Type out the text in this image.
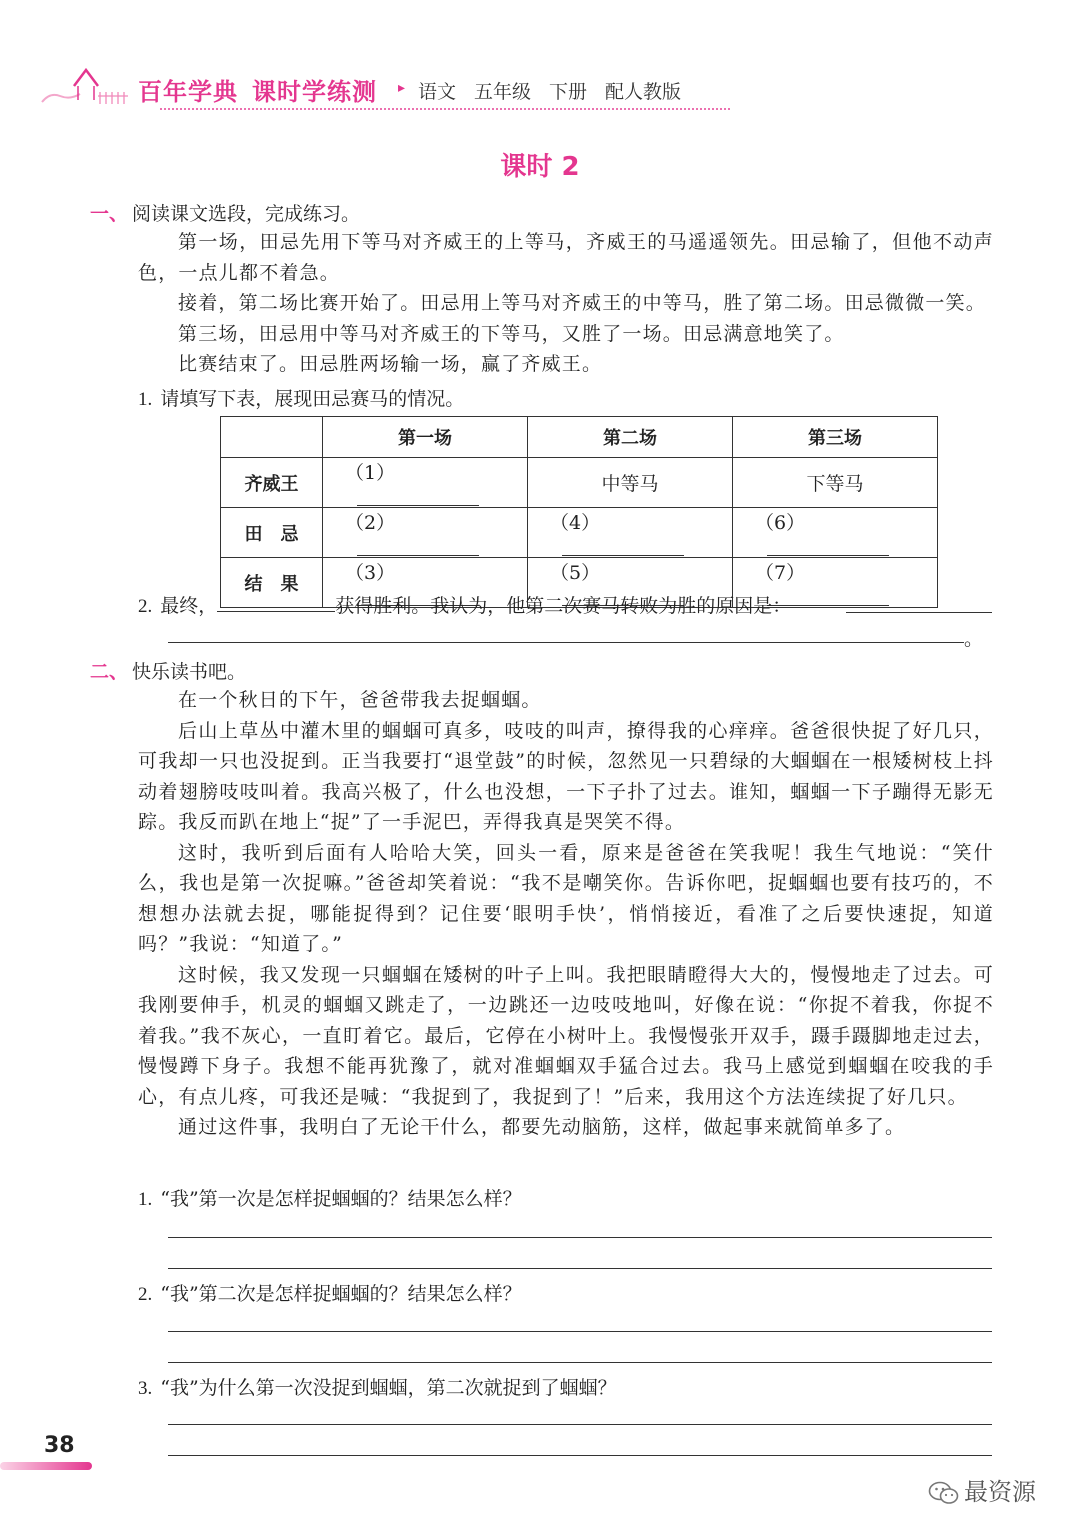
百年学典 课时学练测	▸ 语文 五年级 下册 配人教版
课时 2
一、 阅读课文选段，完成练习。

第一场，田忌先用下等马对齐威王的上等马，齐威王的马遥遥领先。田忌输了，但他不动声色，一点儿都不着急。

接着，第二场比赛开始了。田忌用上等马对齐威王的中等马，胜了第二场。田忌微微一笑。

第三场，田忌用中等马对齐威王的下等马，又胜了一场。田忌满意地笑了。

比赛结束了。田忌胜两场输一场，赢了齐威王。

1. 请填写下表，展现田忌赛马的情况。
	第一场	第二场	第三场
齐威王	（1）	中等马	下等马
田　忌	（2）	（4）	（6）
结　果	（3）	（5）	（7）
2. 最终，	获得胜利。我认为，他第二次赛马转败为胜的原因是：
。
二、 快乐读书吧。

在一个秋日的下午，爸爸带我去捉蝈蝈。

后山上草丛中灌木里的蝈蝈可真多，吱吱的叫声，撩得我的心痒痒。爸爸很快捉了好几只，可我却一只也没捉到。正当我要打“退堂鼓”的时候，忽然见一只碧绿的大蝈蝈在一根矮树枝上抖动着翅膀吱吱叫着。我高兴极了，什么也没想，一下子扑了过去。谁知，蝈蝈一下子蹦得无影无踪。我反而趴在地上“捉”了一手泥巴，弄得我真是哭笑不得。

这时，我听到后面有人哈哈大笑，回头一看，原来是爸爸在笑我呢！我生气地说：“笑什么，我也是第一次捉嘛。”爸爸却笑着说：“我不是嘲笑你。告诉你吧，捉蝈蝈也要有技巧的，不想想办法就去捉，哪能捉得到？记住要‘眼明手快’，悄悄接近，看准了之后要快速捉，知道吗？”我说：“知道了。”

这时候，我又发现一只蝈蝈在矮树的叶子上叫。我把眼睛瞪得大大的，慢慢地走了过去。可我刚要伸手，机灵的蝈蝈又跳走了，一边跳还一边吱吱地叫，好像在说：“你捉不着我，你捉不着我。”我不灰心，一直盯着它。最后，它停在小树叶上。我慢慢张开双手，蹑手蹑脚地走过去，慢慢蹲下身子。我想不能再犹豫了，就对准蝈蝈双手猛合过去。我马上感觉到蝈蝈在咬我的手心，有点儿疼，可我还是喊：“我捉到了，我捉到了！”后来，我用这个方法连续捉了好几只。

通过这件事，我明白了无论干什么，都要先动脑筋，这样，做起事来就简单多了。

1. “我”第一次是怎样捉蝈蝈的？结果怎么样？
2. “我”第二次是怎样捉蝈蝈的？结果怎么样？
3. “我”为什么第一次没捉到蝈蝈，第二次就捉到了蝈蝈？
38
最资源
